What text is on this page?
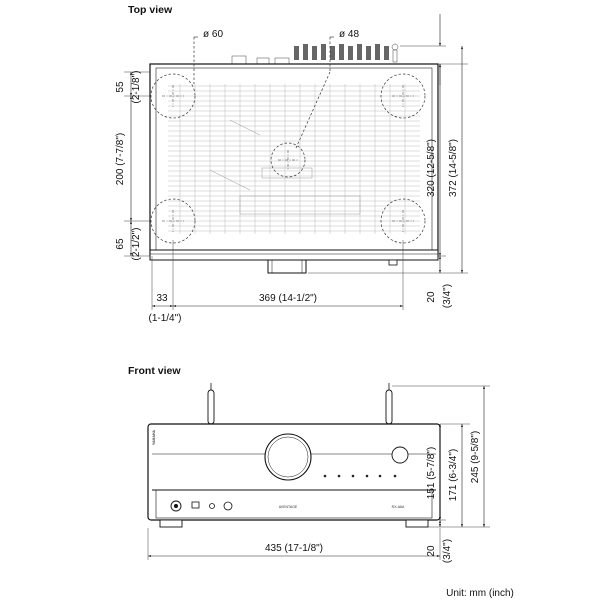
Top view
ø 60	ø 48
55 (2-1/8")
200 (7-7/8")
65 (2-1/2")
320 (12-5/8") 372 (14-5/8")
20 (3/4")
33
(1-1/4")
369 (14-1/2")
Front view
YAMAHA
AVENTAGE	RX-A6A
151 (5-7/8") 171 (6-3/4") 245 (9-5/8")
20 (3/4")
435 (17-1/8")
Unit: mm (inch)
